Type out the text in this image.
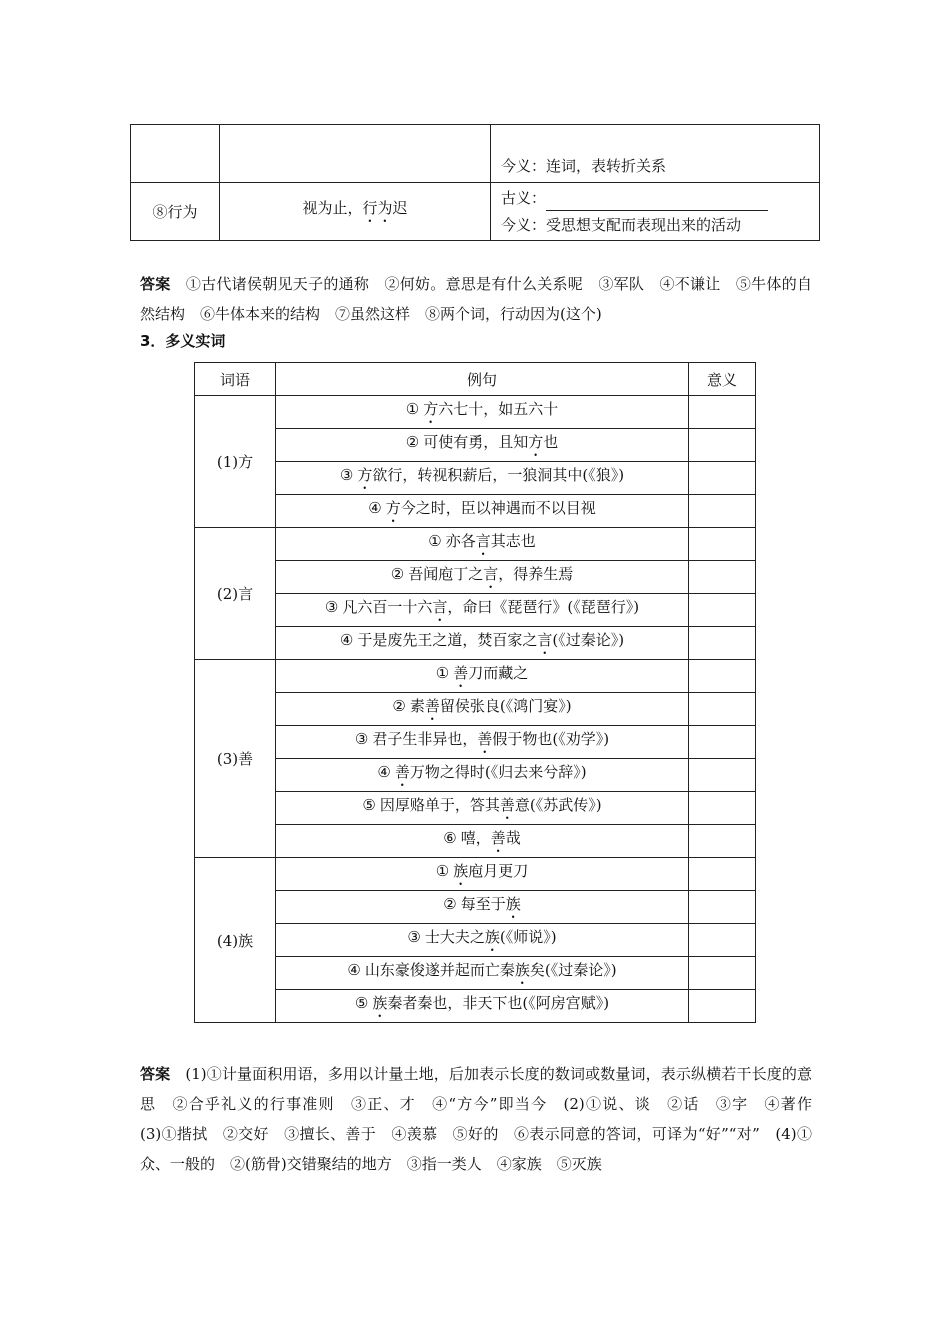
		今义：连词，表转折关系
⑧行为	视为止，行为迟	古义：
今义：受思想支配而表现出来的活动
答案　 ①古代诸侯朝见天子的通称　②何妨。意思是有什么关系呢　③军队　④不谦让　⑤牛体的自然结构　⑥牛体本来的结构　⑦虽然这样　⑧两个词，行动因为(这个)
3．多义实词
词语	例句	意义
(1)方	① 方六七十，如五六十	
	② 可使有勇，且知方也	
	③ 方欲行，转视积薪后，一狼洞其中(《狼》)	
	④ 方今之时，臣以神遇而不以目视	
(2)言	① 亦各言其志也	
	② 吾闻庖丁之言，得养生焉	
	③ 凡六百一十六言，命曰《琵琶行》(《琵琶行》)	
	④ 于是废先王之道，焚百家之言(《过秦论》)	
(3)善	① 善刀而藏之	
	② 素善留侯张良(《鸿门宴》)	
	③ 君子生非异也，善假于物也(《劝学》)	
	④ 善万物之得时(《归去来兮辞》)	
	⑤ 因厚赂单于，答其善意(《苏武传》)	
	⑥ 嘻，善哉	
(4)族	① 族庖月更刀	
	② 每至于族	
	③ 士大夫之族(《师说》)	
	④ 山东豪俊遂并起而亡秦族矣(《过秦论》)	
	⑤ 族秦者秦也，非天下也(《阿房宫赋》)	
答案　 (1)①计量面积用语，多用以计量土地，后加表示长度的数词或数量词，表示纵横若干长度的意思　②合乎礼义的行事准则　③正、才　④“方今”即当今　(2)①说、谈　②话　③字　④著作　(3)①揩拭　②交好　③擅长、善于　④羡慕　⑤好的　⑥表示同意的答词，可译为“好”“对”　(4)①众、一般的　②(筋骨)交错聚结的地方　③指一类人　④家族　⑤灭族
